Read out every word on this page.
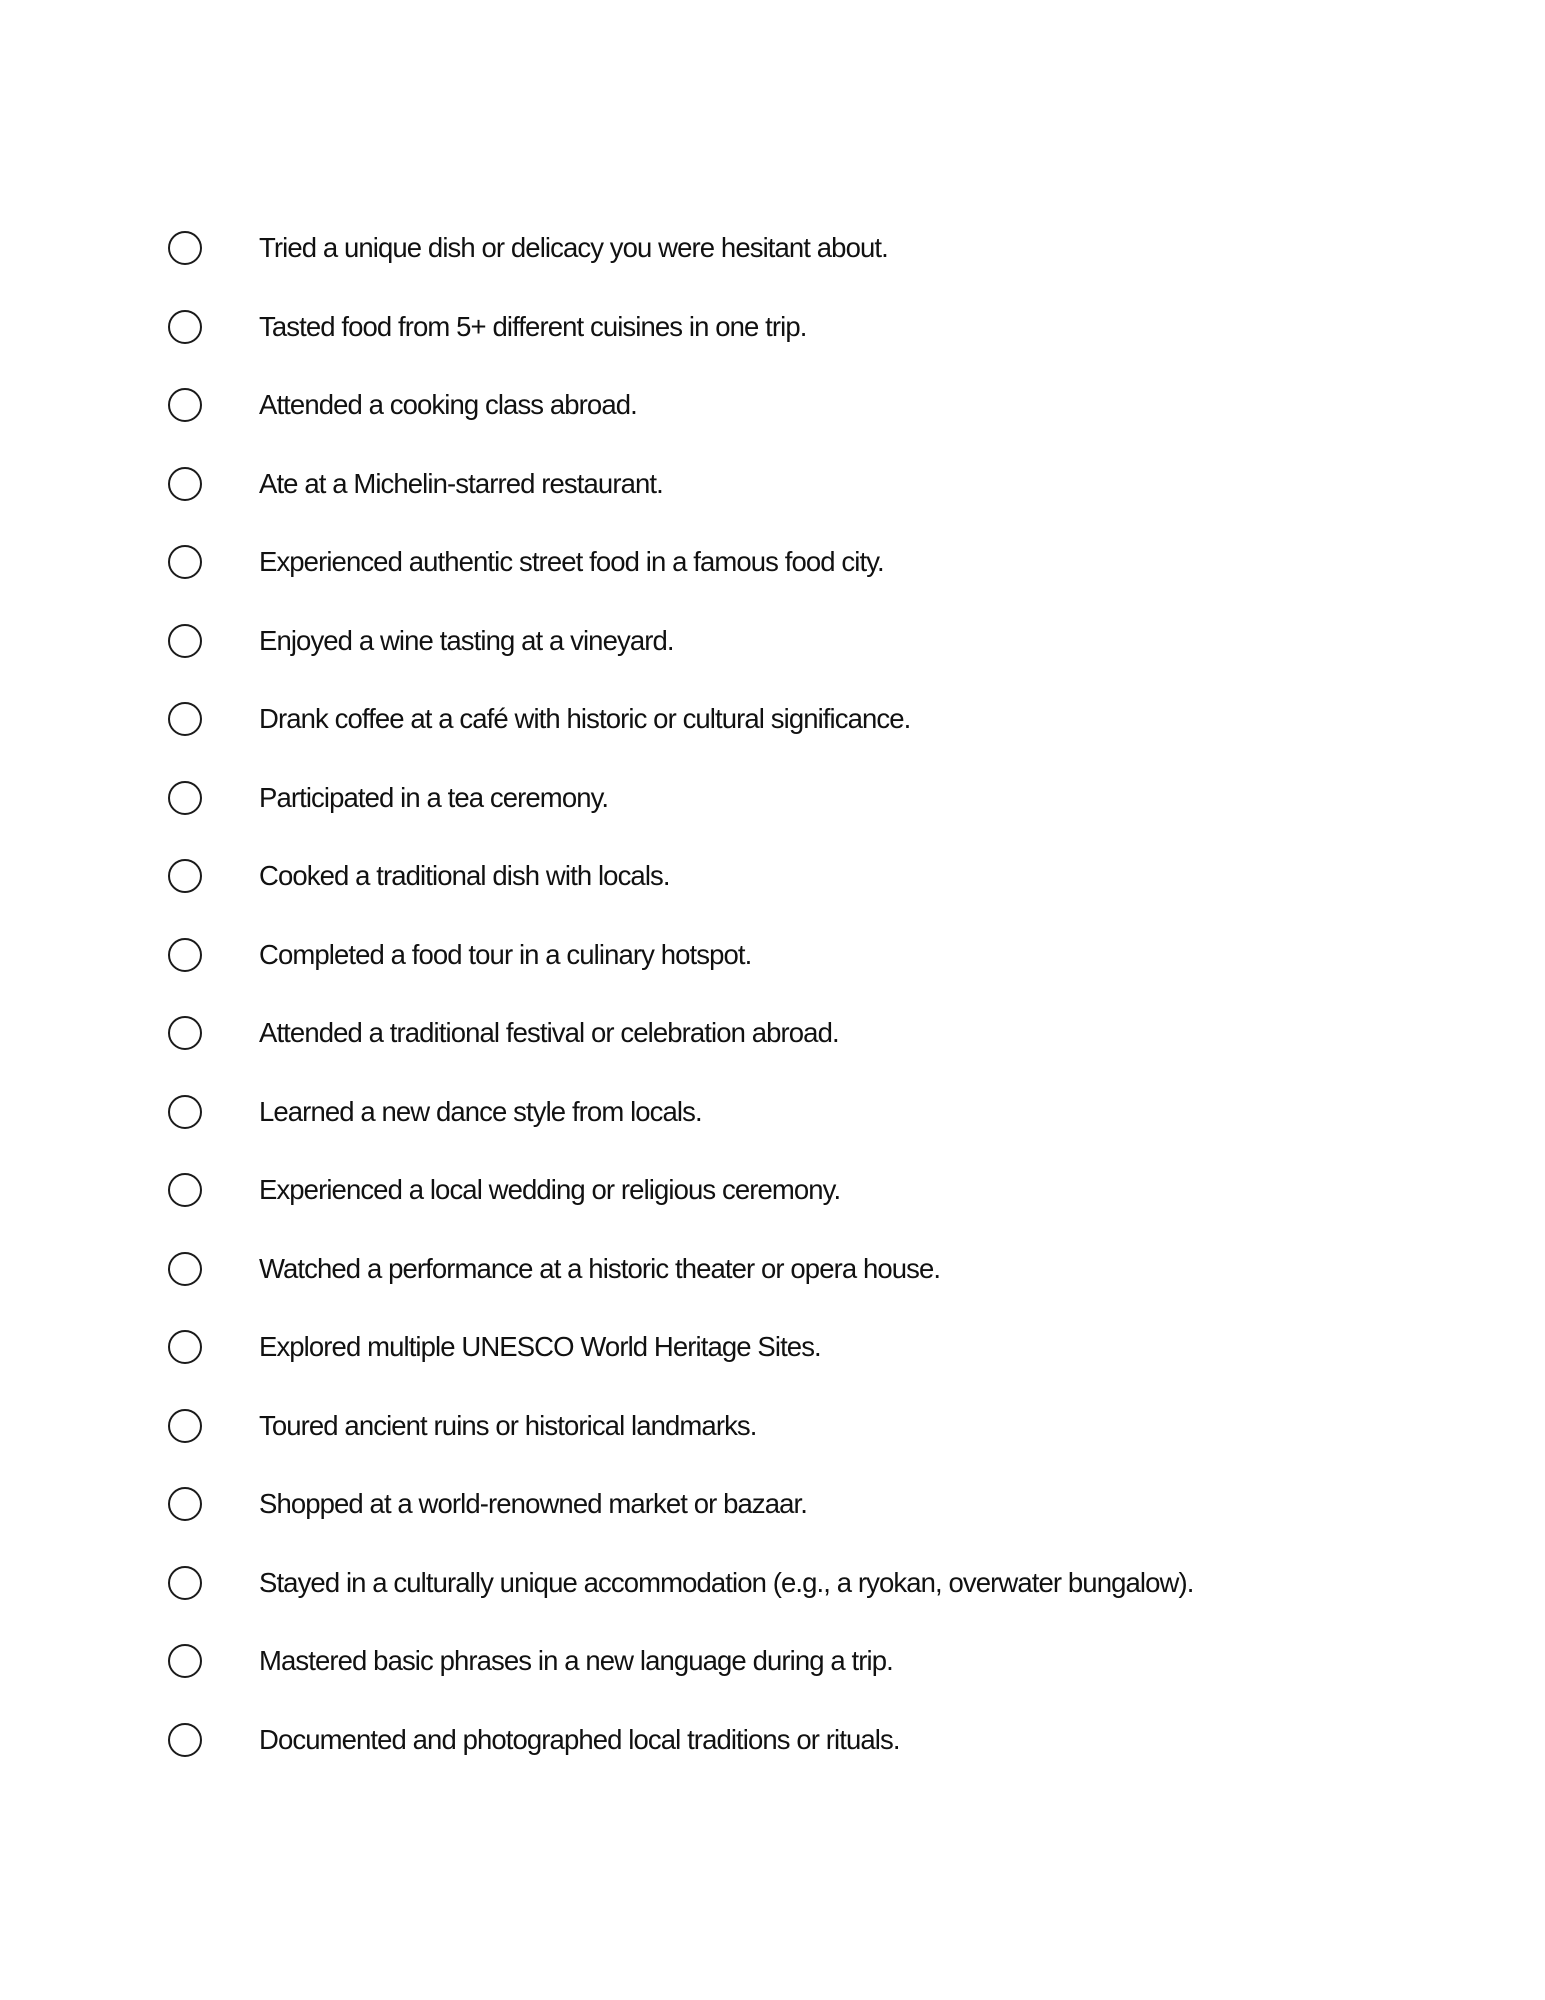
Tried a unique dish or delicacy you were hesitant about.
Tasted food from 5+ different cuisines in one trip.
Attended a cooking class abroad.
Ate at a Michelin-starred restaurant.
Experienced authentic street food in a famous food city.
Enjoyed a wine tasting at a vineyard.
Drank coffee at a café with historic or cultural significance.
Participated in a tea ceremony.
Cooked a traditional dish with locals.
Completed a food tour in a culinary hotspot.
Attended a traditional festival or celebration abroad.
Learned a new dance style from locals.
Experienced a local wedding or religious ceremony.
Watched a performance at a historic theater or opera house.
Explored multiple UNESCO World Heritage Sites.
Toured ancient ruins or historical landmarks.
Shopped at a world-renowned market or bazaar.
Stayed in a culturally unique accommodation (e.g., a ryokan, overwater bungalow).
Mastered basic phrases in a new language during a trip.
Documented and photographed local traditions or rituals.
